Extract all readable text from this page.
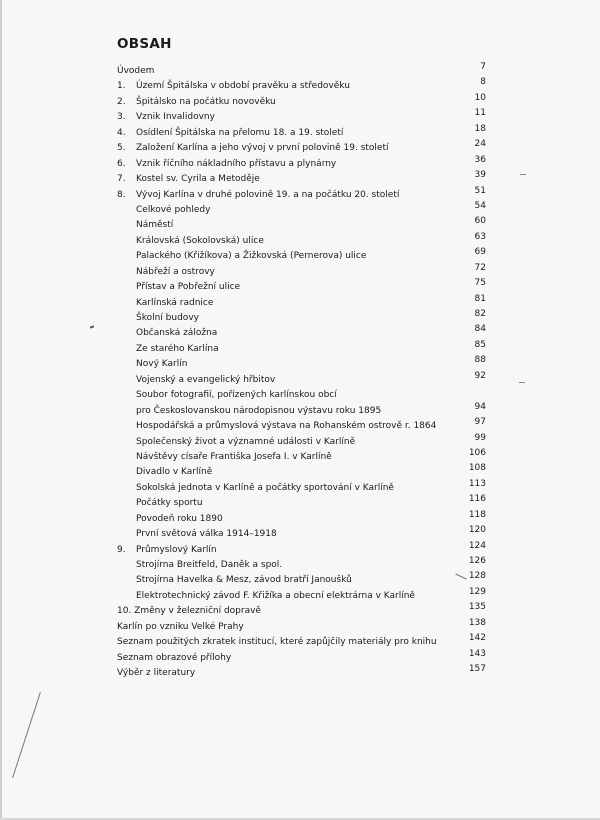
OBSAH
Úvodem	7
1. Území Špitálska v období pravěku a středověku	8
2. Špitálsko na počátku novověku	10
3. Vznik Invalidovny	11
4. Osídlení Špitálska na přelomu 18. a 19. století	18
5. Založení Karlína a jeho vývoj v první polovině 19. století	24
6. Vznik říčního nákladního přístavu a plynárny	36
7. Kostel sv. Cyrila a Metoděje	39
8. Vývoj Karlína v druhé polovině 19. a na počátku 20. století	51
Celkové pohledy	54
Náměstí	60
Královská (Sokolovská) ulice	63
Palackého (Křižíkova) a Žižkovská (Pernerova) ulice	69
Nábřeží a ostrovy	72
Přístav a Pobřežní ulice	75
Karlínská radnice	81
Školní budovy	82
Občanská záložna	84
Ze starého Karlína	85
Nový Karlín	88
Vojenský a evangelický hřbitov	92
Soubor fotografií, pořízených karlínskou obcí
pro Českoslovanskou národopisnou výstavu roku 1895	94
Hospodářská a průmyslová výstava na Rohanském ostrově r. 1864	97
Společenský život a významné události v Karlíně	99
Návštěvy císaře Františka Josefa I. v Karlíně	106
Divadlo v Karlíně	108
Sokolská jednota v Karlíně a počátky sportování v Karlíně	113
Počátky sportu	116
Povodeň roku 1890	118
První světová válka 1914–1918	120
9. Průmyslový Karlín	124
Strojírna Breitfeld, Daněk a spol.	126
Strojírna Havelka & Mesz, závod bratří Janoušků	128
Elektrotechnický závod F. Křižíka a obecní elektrárna v Karlíně	129
10. Změny v železniční dopravě	135
Karlín po vzniku Velké Prahy	138
Seznam použitých zkratek institucí, které zapůjčily materiály pro knihu	142
Seznam obrazové přílohy	143
Výběr z literatury	157
